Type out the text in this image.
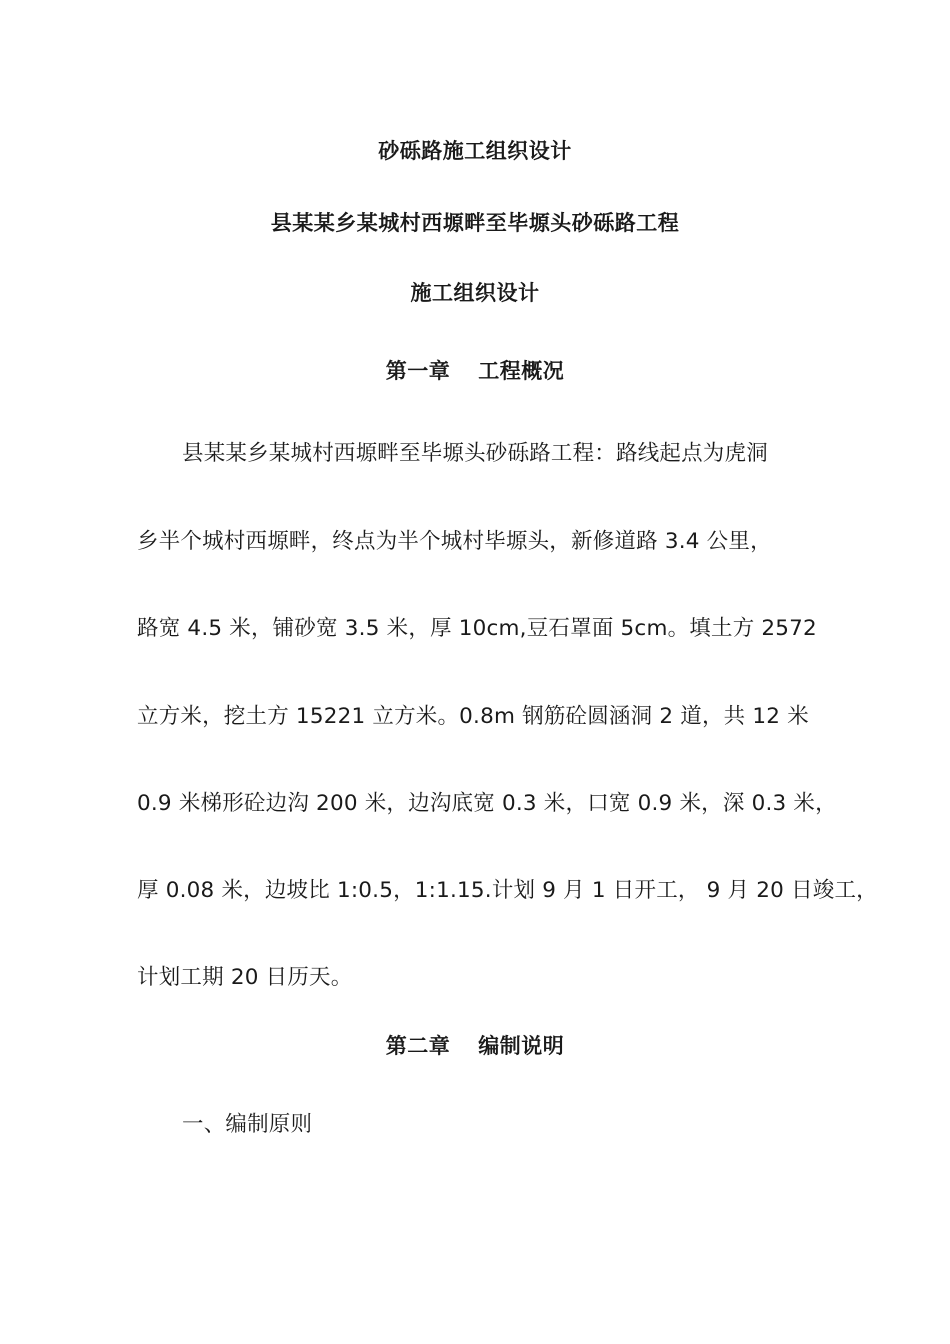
砂砾路施工组织设计
县某某乡某城村西塬畔至毕塬头砂砾路工程
施工组织设计
第一章 工程概况
县某某乡某城村西塬畔至毕塬头砂砾路工程：路线起点为虎洞
乡半个城村西塬畔，终点为半个城村毕塬头，新修道路 3.4 公里，
路宽 4.5 米，铺砂宽 3.5 米，厚 10cm,豆石罩面 5cm。填土方 2572
立方米，挖土方 15221 立方米。0.8m 钢筋砼圆涵洞 2 道，共 12 米
0.9 米梯形砼边沟 200 米，边沟底宽 0.3 米，口宽 0.9 米，深 0.3 米，
厚 0.08 米，边坡比 1:0.5，1:1.15.计划 9 月 1 日开工， 9 月 20 日竣工，
计划工期 20 日历天。
第二章 编制说明
一、编制原则
